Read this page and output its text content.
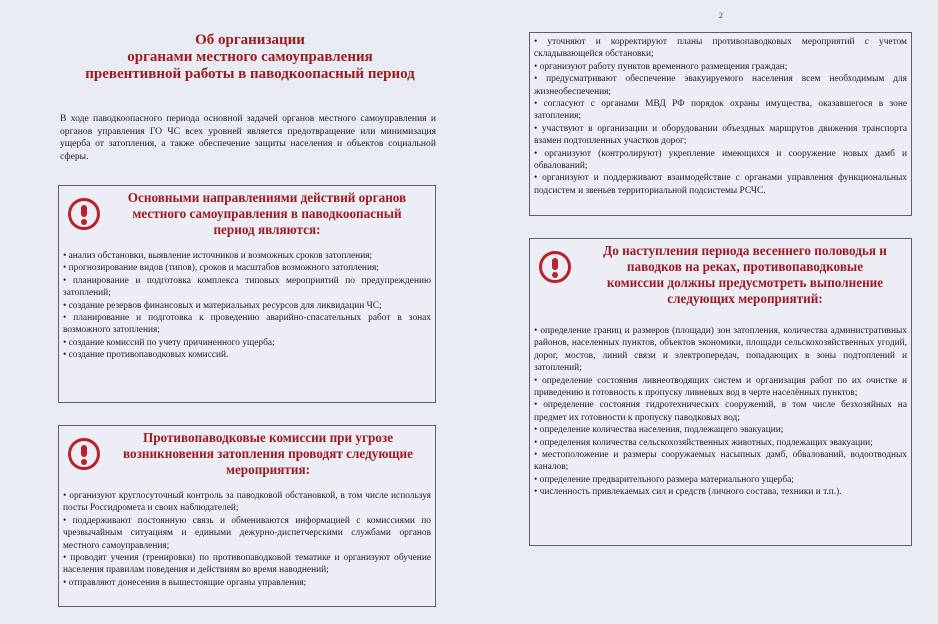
Об организации
органами местного самоуправления
превентивной работы в паводкоопасный период
В ходе паводкоопасного периода основной задачей органов местного самоуправления и органов управления ГО ЧС всех уровней является предотвращение или минимизация ущерба от затопления, а также обеспечение защиты населения и объектов социальной сферы.
Основными направлениями действий органов
местного самоуправления в паводкоопасный
период являются:
• анализ обстановки, выявление источников и возможных сроков затопления;
• прогнозирование видов (типов), сроков и масштабов возможного затопления;
• планирование и подготовка комплекса типовых мероприятий по предупреждению затоплений;
• создание резервов финансовых и материальных ресурсов для ликвидации ЧС;
• планирование и подготовка к проведению аварийно-спасательных работ в зонах возможного затопления;
• создание комиссий по учету причиненного ущерба;
• создание противопаводковых комиссий.
Противопаводковые комиссии при угрозе
возникновения затопления проводят следующие
мероприятия:
• организуют круглосуточный контроль за паводковой обстановкой, в том числе используя посты Росгидромета и своих наблюдателей;
• поддерживают постоянную связь и обмениваются информацией с комиссиями по чрезвычайным ситуациям и едиными дежурно-диспетчерскими службами органов местного самоуправления;
• проводят учения (тренировки) по противопаводковой тематике и организуют обучение населения правилам поведения и действиям во время наводнений;
• отправляют донесения в вышестоящие органы управления;
2
• уточняют и корректируют планы противопаводковых мероприятий с учетом складывающейся обстановки;
• организуют работу пунктов временного размещения граждан;
• предусматривают обеспечение эвакуируемого населения всем необходимым для жизнеобеспечения;
• согласуют с органами МВД РФ порядок охраны имущества, оказавшегося в зоне затопления;
• участвуют в организации и оборудовании объездных маршрутов движения транспорта взамен подтопленных участков дорог;
• организуют (контролируют) укрепление имеющихся и сооружение новых дамб и обвалований;
• организуют и поддерживают взаимодействие с органами управления функциональных подсистем и звеньев территориальной подсистемы РСЧС.
До наступления периода весеннего половодья и
паводков на реках, противопаводковые
комиссии должны предусмотреть выполнение
следующих мероприятий:
• определение границ и размеров (площади) зон затопления, количества административных районов, населенных пунктов, объектов экономики, площади сельскохозяйственных угодий, дорог, мостов, линий связи и электропередач, попадающих в зоны подтоплений и затоплений;
• определение состояния ливнеотводящих систем и организация работ по их очистке и приведению в готовность к пропуску ливневых вод в черте населённых пунктов;
• определение состояния гидротехнических сооружений, в том числе безхозяйных на предмет их готовности к пропуску паводковых вод;
• определение количества населения, подлежащего эвакуации;
• определения количества сельскохозяйственных животных, подлежащих эвакуации;
• местоположение и размеры сооружаемых насыпных дамб, обвалований, водоотводных каналов;
• определение предварительного размера материального ущерба;
• численность привлекаемых сил и средств (личного состава, техники и т.п.).
